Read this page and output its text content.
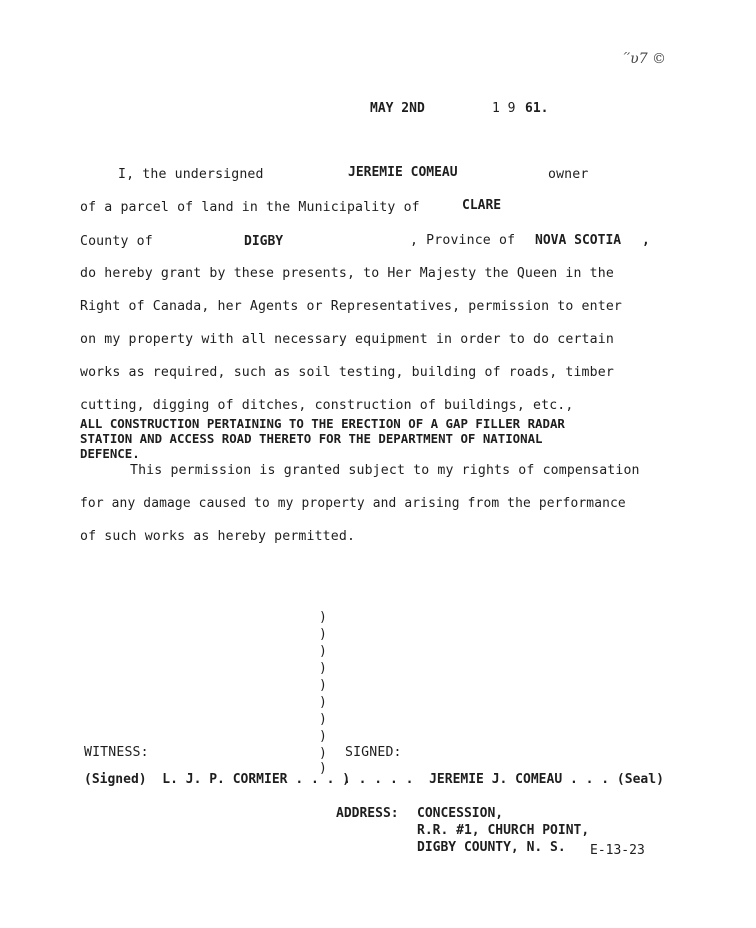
´′υ7 ©
MAY 2ND	1 9 61.
I, the undersigned	JEREMIE COMEAU	owner
of a parcel of land in the Municipality of	CLARE
County of	DIGBY	, Province of NOVA SCOTIA ,
do hereby grant by these presents, to Her Majesty the Queen in the
Right of Canada, her Agents or Representatives, permission to enter
on my property with all necessary equipment in order to do certain
works as required, such as soil testing, building of roads, timber
cutting, digging of ditches, construction of buildings, etc.,
ALL CONSTRUCTION PERTAINING TO THE ERECTION OF A GAP FILLER RADAR
STATION AND ACCESS ROAD THERETO FOR THE DEPARTMENT OF NATIONAL
DEFENCE.
This permission is granted subject to my rights of compensation
for any damage caused to my property and arising from the performance
of such works as hereby permitted.
)
)
)
)
)
)
)
)
)
)
WITNESS:	SIGNED:
(Signed)  L. J. P. CORMIER . . . )
. . . . .  JEREMIE J. COMEAU . . . (Seal)
ADDRESS: CONCESSION,
R.R. #1, CHURCH POINT,
DIGBY COUNTY, N. S. E-13-23
